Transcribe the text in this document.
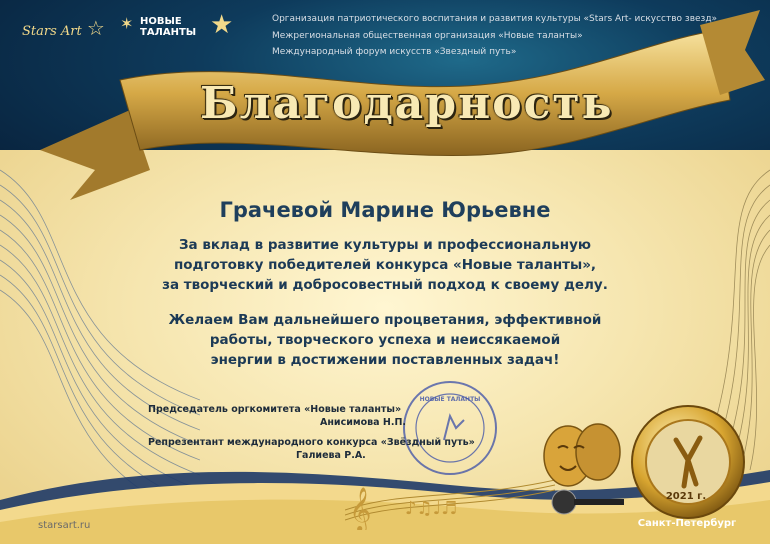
Stars Art ☆ ✶ НОВЫЕ
ТАЛАНТЫ ★	Организация патриотического воспитания и развития культуры «Stars Art- искусство звезд»
Межрегиональная общественная организация «Новые таланты»
Международный форум искусств «Звездный путь»
Благодарность
Грачевой Марине Юрьевне
За вклад в развитие культуры и профессиональную
подготовку победителей конкурса «Новые таланты»,
за творческий и добросовестный подход к своему делу.
Желаем Вам дальнейшего процветания, эффективной
работы, творческого успеха и неиссякаемой
энергии в достижении поставленных задач!
НОВЫЕ ТАЛАНТЫ
Председатель оргкомитета «Новые таланты»
Анисимова Н.П.
Репрезентант международного конкурса «Звёздный путь»
Галиева Р.А.
𝄞 ♪♫♩♬
2021 г.
Санкт-Петербург
starsart.ru
